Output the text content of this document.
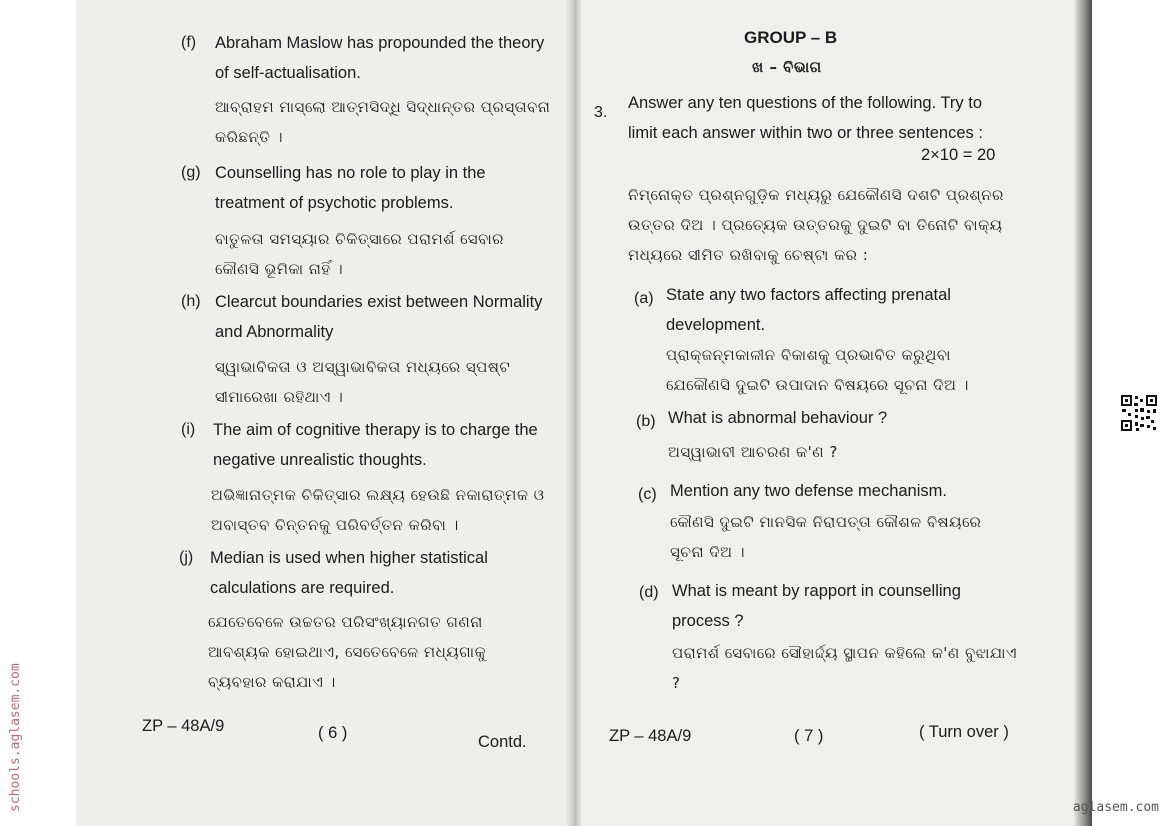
(f) Abraham Maslow has propounded the theory of self-actualisation.

ଆବ୍ରାହମ ମାସ୍‌ଲୋ ଆତ୍ମସିଦ୍ଧି ସିଦ୍ଧାନ୍ତର ପ୍ରସ୍ତାବନା କରିଛନ୍ତି ।

(g) Counselling has no role to play in the treatment of psychotic problems.

ବାତୁଳତା ସମସ୍ୟାର ଚିକିତ୍ସାରେ ପରାମର୍ଶ ସେବାର କୌଣସି ଭୂମିକା ନାହିଁ ।

(h) Clearcut boundaries exist between Normality and Abnormality

ସ୍ୱାଭାବିକତା ଓ ଅସ୍ୱାଭାବିକତା ମଧ୍ୟରେ ସ୍ପଷ୍ଟ ସୀମାରେଖା ରହିଥାଏ ।

(i) The aim of cognitive therapy is to charge the negative unrealistic thoughts.

ଅଭିଜ୍ଞାନାତ୍ମକ ଚିକିତ୍ସାର ଲକ୍ଷ୍ୟ ହେଉଛି ନକାରାତ୍ମକ ଓ ଅବାସ୍ତବ ଚିନ୍ତନକୁ ପରିବର୍ତ୍ତନ କରିବା ।

(j) Median is used when higher statistical calculations are required.

ଯେତେବେଳେ ଉଚ୍ଚତର ପରିସଂଖ୍ୟାନଗତ ଗଣନା ଆବଶ୍ୟକ ହୋଇଥାଏ, ସେତେବେଳେ ମଧ୍ୟଗାକୁ ବ୍ୟବହାର କରାଯାଏ ।

ZP – 48A/9	( 6 )	Contd.
GROUP – B
ଖ – ବିଭାଗ
3.

Answer any ten questions of the following. Try to limit each answer within two or three sentences :

2×10 = 20

ନିମ୍ନୋକ୍ତ ପ୍ରଶ୍ନଗୁଡ଼ିକ ମଧ୍ୟରୁ ଯେକୌଣସି ଦଶଟି ପ୍ରଶ୍ନର ଉତ୍ତର ଦିଅ । ପ୍ରତ୍ୟେକ ଉତ୍ତରକୁ ଦୁଇଟି ବା ତିନୋଟି ବାକ୍ୟ ମଧ୍ୟରେ ସୀମିତ ରଖିବାକୁ ଚେଷ୍ଟା କର :

(a) State any two factors affecting prenatal development.

ପ୍ରାକ୍‌ଜନ୍ମକାଳୀନ ବିକାଶକୁ ପ୍ରଭାବିତ କରୁଥିବା ଯେକୌଣସି ଦୁଇଟି ଉପାଦାନ ବିଷୟରେ ସୂଚନା ଦିଅ ।

(b) What is abnormal behaviour ?

ଅସ୍ୱାଭାବୀ ଆଚରଣ କ'ଣ ?

(c) Mention any two defense mechanism.

କୌଣସି ଦୁଇଟି ମାନସିକ ନିରାପତ୍ତା କୌଶଳ ବିଷୟରେ ସୂଚନା ଦିଅ ।

(d) What is meant by rapport in counselling process ?

ପରାମର୍ଶ ସେବାରେ ସୌହାର୍ଦ୍ଦ୍ୟ ସ୍ଥାପନ କହିଲେ କ'ଣ ବୁଝାଯାଏ ?

ZP – 48A/9	( 7 )	( Turn over )
schools.aglasem.com	aglasem.com
